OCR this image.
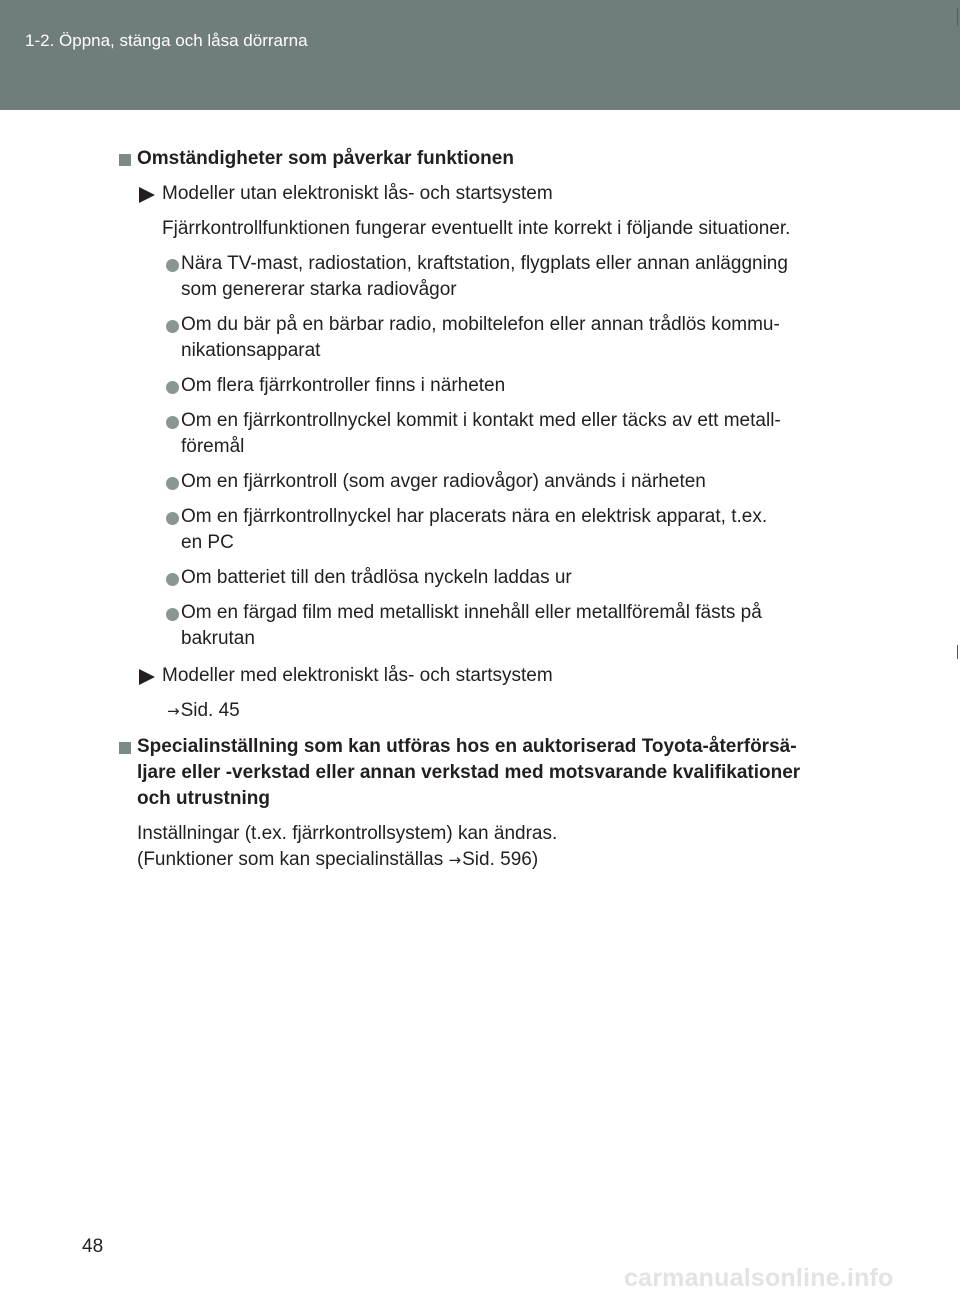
1-2. Öppna, stänga och låsa dörrarna
Omständigheter som påverkar funktionen
Modeller utan elektroniskt lås- och startsystem
Fjärrkontrollfunktionen fungerar eventuellt inte korrekt i följande situationer.
Nära TV-mast, radiostation, kraftstation, flygplats eller annan anläggning
som genererar starka radiovågor
Om du bär på en bärbar radio, mobiltelefon eller annan trådlös kommu-
nikationsapparat
Om flera fjärrkontroller finns i närheten
Om en fjärrkontrollnyckel kommit i kontakt med eller täcks av ett metall-
föremål
Om en fjärrkontroll (som avger radiovågor) används i närheten
Om en fjärrkontrollnyckel har placerats nära en elektrisk apparat, t.ex.
en PC
Om batteriet till den trådlösa nyckeln laddas ur
Om en färgad film med metalliskt innehåll eller metallföremål fästs på
bakrutan
Modeller med elektroniskt lås- och startsystem
→Sid. 45
Specialinställning som kan utföras hos en auktoriserad Toyota-återförsä-
ljare eller -verkstad eller annan verkstad med motsvarande kvalifikationer
och utrustning
Inställningar (t.ex. fjärrkontrollsystem) kan ändras.
(Funktioner som kan specialinställas →Sid. 596)
48
carmanualsonline.info
